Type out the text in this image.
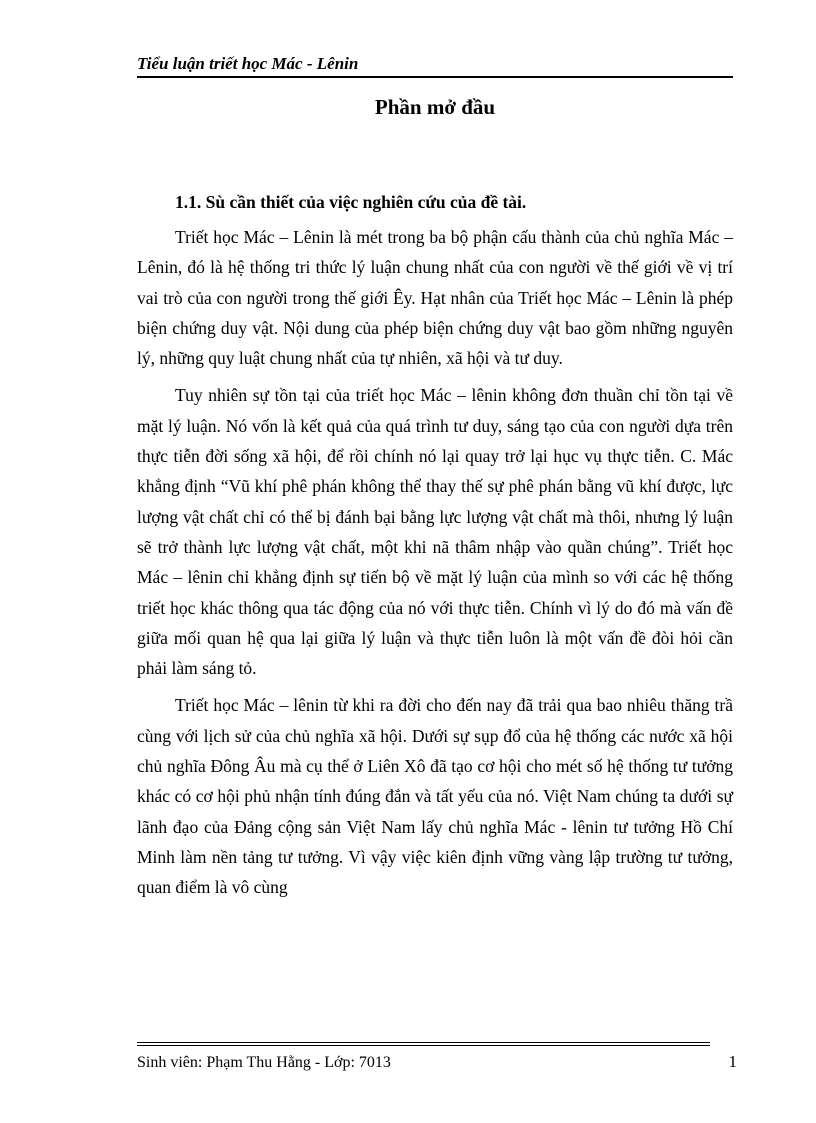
Tiểu luận triết học Mác - Lênin
Phần mở đầu

1.1. Sù cần thiết của việc nghiên cứu của đề tài.

Triết học Mác – Lênin là mét trong ba bộ phận cấu thành của chủ nghĩa Mác – Lênin, đó là hệ thống tri thức lý luận chung nhất của con người về thế giới về vị trí vai trò của con người trong thế giới Êy. Hạt nhân của Triết học Mác – Lênin là phép biện chứng duy vật. Nội dung của phép biện chứng duy vật bao gồm những nguyên lý, những quy luật chung nhất của tự nhiên, xã hội và tư duy.

Tuy nhiên sự tồn tại của triết học Mác – lênin không đơn thuần chỉ tồn tại về mặt lý luận. Nó vốn là kết quả của quá trình tư duy, sáng tạo của con người dựa trên thực tiễn đời sống xã hội, để rồi chính nó lại quay trở lại hục vụ thực tiễn. C. Mác khẳng định “Vũ khí phê phán không thể thay thế sự phê phán bằng vũ khí được, lực lượng vật chất chỉ có thể bị đánh bại bằng lực lượng vật chất mà thôi, nhưng lý luận sẽ trở thành lực lượng vật chất, một khi nã thâm nhập vào quần chúng”. Triết học Mác – lênin chỉ khẳng định sự tiến bộ về mặt lý luận của mình so với các hệ thống triết học khác thông qua tác động của nó với thực tiễn. Chính vì lý do đó mà vấn đề giữa mối quan hệ qua lại giữa lý luận và thực tiễn luôn là một vấn đề đòi hỏi cần phải làm sáng tỏ.

Triết học Mác – lênin từ khi ra đời cho đến nay đã trải qua bao nhiêu thăng trầ cùng với lịch sử của chủ nghĩa xã hội. Dưới sự sụp đổ của hệ thống các nước xã hội chủ nghĩa Đông Âu mà cụ thể ở Liên Xô đã tạo cơ hội cho mét số hệ thống tư tưởng khác có cơ hội phủ nhận tính đúng đắn và tất yếu của nó. Việt Nam chúng ta dưới sự lãnh đạo của Đảng cộng sản Việt Nam lấy chủ nghĩa Mác - lênin tư tưởng Hồ Chí Minh làm nền tảng tư tưởng. Vì vậy việc kiên định vững vàng lập trường tư tưởng, quan điểm là vô cùng

Sinh viên: Phạm Thu Hằng - Lớp: 7013	1
